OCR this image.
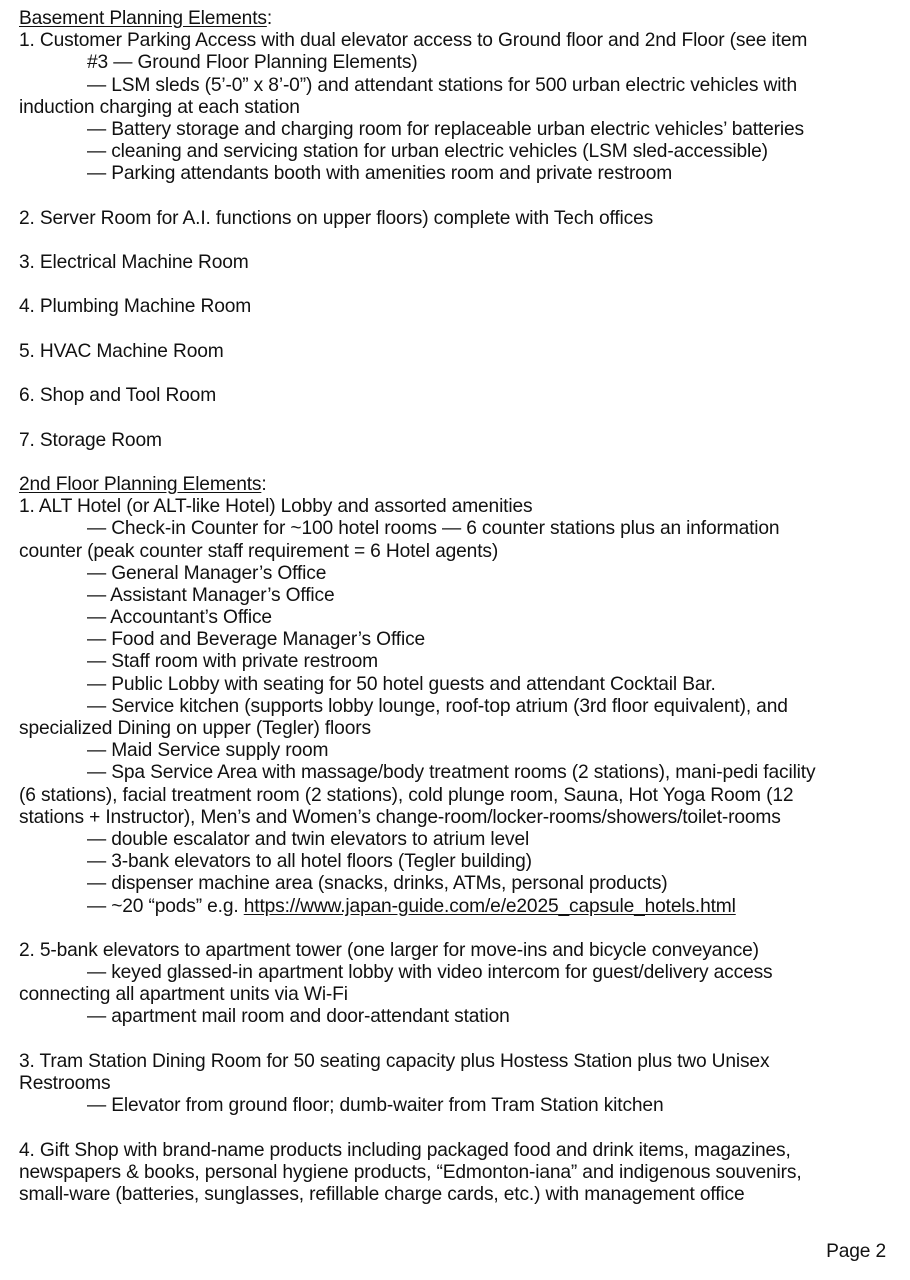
Basement Planning Elements:
1. Customer Parking Access with dual elevator access to Ground floor and 2nd Floor (see item
#3 — Ground Floor Planning Elements)
— LSM sleds (5’-0” x 8’-0”) and attendant stations for 500 urban electric vehicles with
induction charging at each station
— Battery storage and charging room for replaceable urban electric vehicles’ batteries
— cleaning and servicing station for urban electric vehicles (LSM sled-accessible)
— Parking attendants booth with amenities room and private restroom
2. Server Room for A.I. functions on upper floors) complete with Tech offices
3. Electrical Machine Room
4. Plumbing Machine Room
5. HVAC Machine Room
6. Shop and Tool Room
7. Storage Room
2nd Floor Planning Elements:
1. ALT Hotel (or ALT-like Hotel) Lobby and assorted amenities
— Check-in Counter for ~100 hotel rooms — 6 counter stations plus an information
counter (peak counter staff requirement = 6 Hotel agents)
— General Manager’s Office
— Assistant Manager’s Office
— Accountant’s Office
— Food and Beverage Manager’s Office
— Staff room with private restroom
— Public Lobby with seating for 50 hotel guests and attendant Cocktail Bar.
— Service kitchen (supports lobby lounge, roof-top atrium (3rd floor equivalent), and
specialized Dining on upper (Tegler) floors
— Maid Service supply room
— Spa Service Area with massage/body treatment rooms (2 stations), mani-pedi facility
(6 stations), facial treatment room (2 stations), cold plunge room, Sauna, Hot Yoga Room (12
stations + Instructor), Men’s and Women’s change-room/locker-rooms/showers/toilet-rooms
— double escalator and twin elevators to atrium level
— 3-bank elevators to all hotel floors (Tegler building)
— dispenser machine area (snacks, drinks, ATMs, personal products)
— ~20 “pods” e.g. https://www.japan-guide.com/e/e2025_capsule_hotels.html
2. 5-bank elevators to apartment tower (one larger for move-ins and bicycle conveyance)
— keyed glassed-in apartment lobby with video intercom for guest/delivery access
connecting all apartment units via Wi-Fi
— apartment mail room and door-attendant station
3. Tram Station Dining Room for 50 seating capacity plus Hostess Station plus two Unisex
Restrooms
— Elevator from ground floor; dumb-waiter from Tram Station kitchen
4. Gift Shop with brand-name products including packaged food and drink items, magazines,
newspapers & books, personal hygiene products, “Edmonton-iana” and indigenous souvenirs,
small-ware (batteries, sunglasses, refillable charge cards, etc.) with management office
Page 2
